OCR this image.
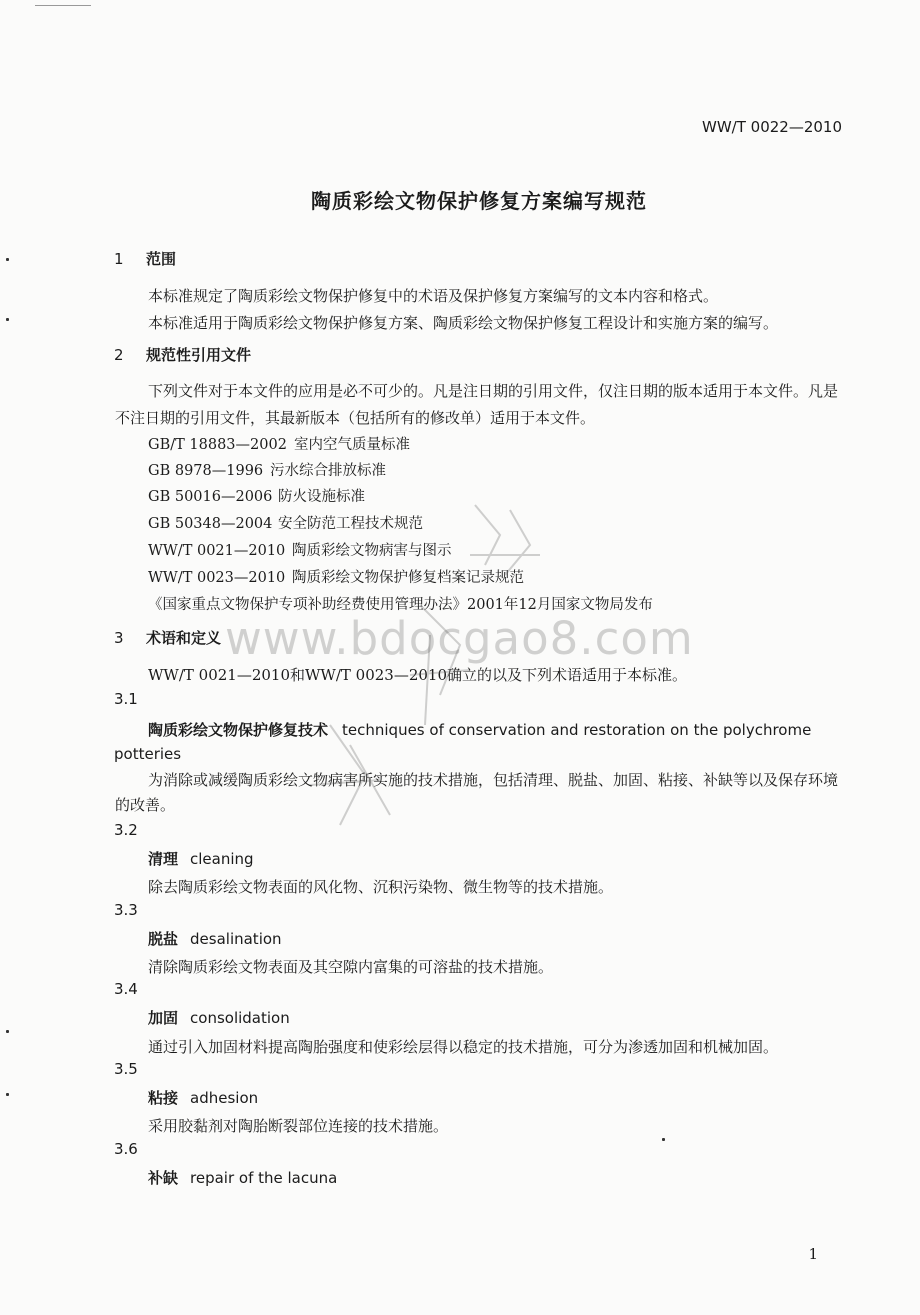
WW/T 0022—2010
陶质彩绘文物保护修复方案编写规范
1 范围
本标准规定了陶质彩绘文物保护修复中的术语及保护修复方案编写的文本内容和格式。
本标准适用于陶质彩绘文物保护修复方案、陶质彩绘文物保护修复工程设计和实施方案的编写。
2 规范性引用文件
下列文件对于本文件的应用是必不可少的。凡是注日期的引用文件，仅注日期的版本适用于本文件。凡是不注日期的引用文件，其最新版本（包括所有的修改单）适用于本文件。
GB/T 18883—2002 室内空气质量标准
GB 8978—1996 污水综合排放标准
GB 50016—2006 防火设施标准
GB 50348—2004 安全防范工程技术规范
WW/T 0021—2010 陶质彩绘文物病害与图示
WW/T 0023—2010 陶质彩绘文物保护修复档案记录规范
《国家重点文物保护专项补助经费使用管理办法》2001年12月国家文物局发布
3 术语和定义
WW/T 0021—2010和WW/T 0023—2010确立的以及下列术语适用于本标准。
3.1
陶质彩绘文物保护修复技术 techniques of conservation and restoration on the polychrome potteries
为消除或减缓陶质彩绘文物病害所实施的技术措施，包括清理、脱盐、加固、粘接、补缺等以及保存环境的改善。
3.2
清理 cleaning
除去陶质彩绘文物表面的风化物、沉积污染物、微生物等的技术措施。
3.3
脱盐 desalination
清除陶质彩绘文物表面及其空隙内富集的可溶盐的技术措施。
3.4
加固 consolidation
通过引入加固材料提高陶胎强度和使彩绘层得以稳定的技术措施，可分为渗透加固和机械加固。
3.5
粘接 adhesion
采用胶黏剂对陶胎断裂部位连接的技术措施。
3.6
补缺 repair of the lacuna
www.bdocgao8.com
1
